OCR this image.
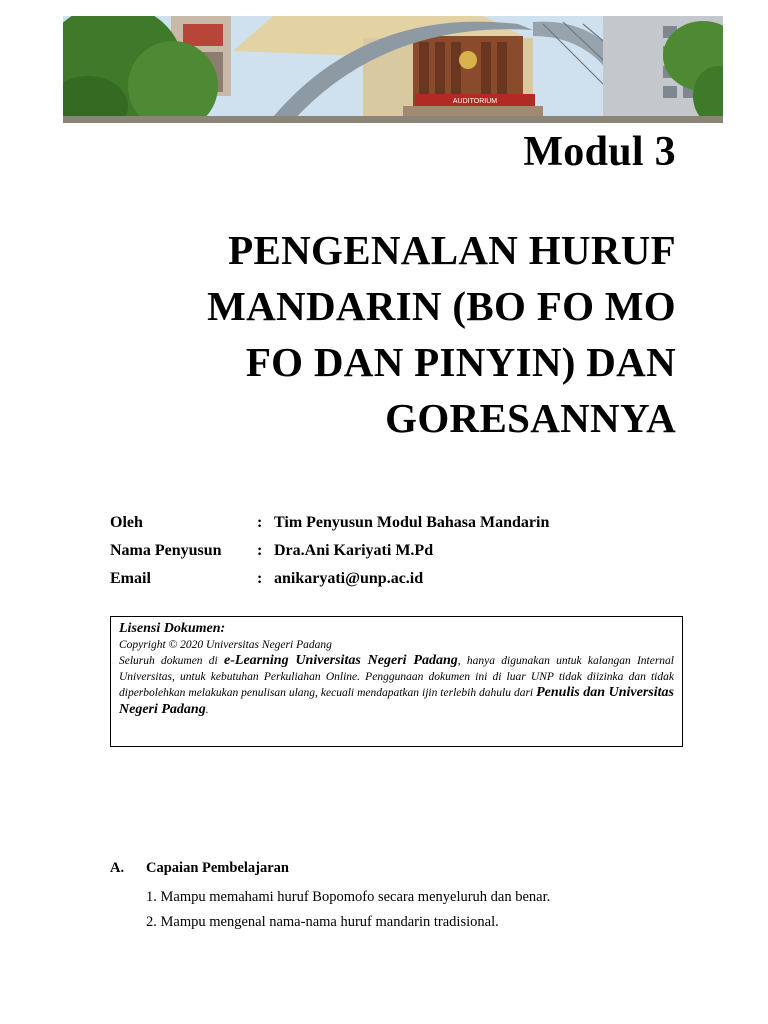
AUDITORIUM
Modul 3
PENGENALAN HURUF
MANDARIN (BO FO MO
FO DAN PINYIN) DAN
GORESANNYA
Oleh	: Tim Penyusun Modul Bahasa Mandarin
Nama Penyusun : Dra.Ani Kariyati M.Pd
Email	: anikaryati@unp.ac.id
Lisensi Dokumen:
Copyright © 2020 Universitas Negeri Padang
Seluruh dokumen di e-Learning Universitas Negeri Padang, hanya digunakan untuk kalangan Internal Universitas, untuk kebutuhan Perkuliahan Online. Penggunaan dokumen ini di luar UNP tidak diizinka dan tidak diperbolehkan melakukan penulisan ulang, kecuali mendapatkan ijin terlebih dahulu dari Penulis dan Universitas Negeri Padang.
A. Capaian Pembelajaran
1. Mampu memahami huruf Bopomofo secara menyeluruh dan benar.
2. Mampu mengenal nama-nama huruf mandarin tradisional.
